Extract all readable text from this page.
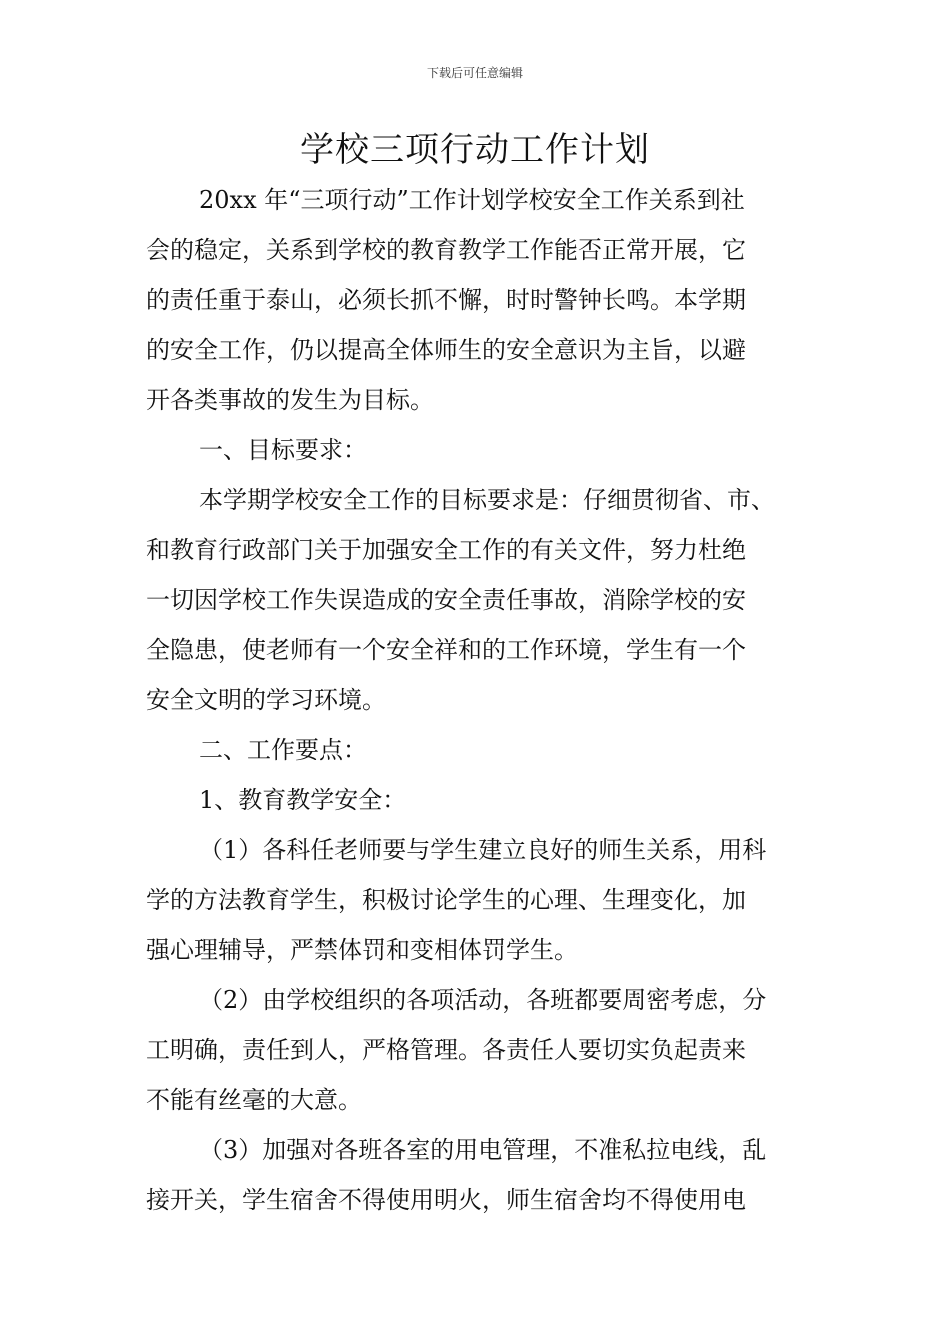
下载后可任意编辑
学校三项行动工作计划
20xx 年“三项行动”工作计划学校安全工作关系到社
会的稳定，关系到学校的教育教学工作能否正常开展，它
的责任重于泰山，必须长抓不懈，时时警钟长鸣。本学期
的安全工作，仍以提高全体师生的安全意识为主旨，以避
开各类事故的发生为目标。
一、目标要求：
本学期学校安全工作的目标要求是：仔细贯彻省、市、
和教育行政部门关于加强安全工作的有关文件，努力杜绝
一切因学校工作失误造成的安全责任事故，消除学校的安
全隐患，使老师有一个安全祥和的工作环境，学生有一个
安全文明的学习环境。
二、工作要点：
1、教育教学安全：
（1）各科任老师要与学生建立良好的师生关系，用科
学的方法教育学生，积极讨论学生的心理、生理变化，加
强心理辅导，严禁体罚和变相体罚学生。
（2）由学校组织的各项活动，各班都要周密考虑，分
工明确，责任到人，严格管理。各责任人要切实负起责来
不能有丝毫的大意。
（3）加强对各班各室的用电管理，不准私拉电线，乱
接开关，学生宿舍不得使用明火，师生宿舍均不得使用电
